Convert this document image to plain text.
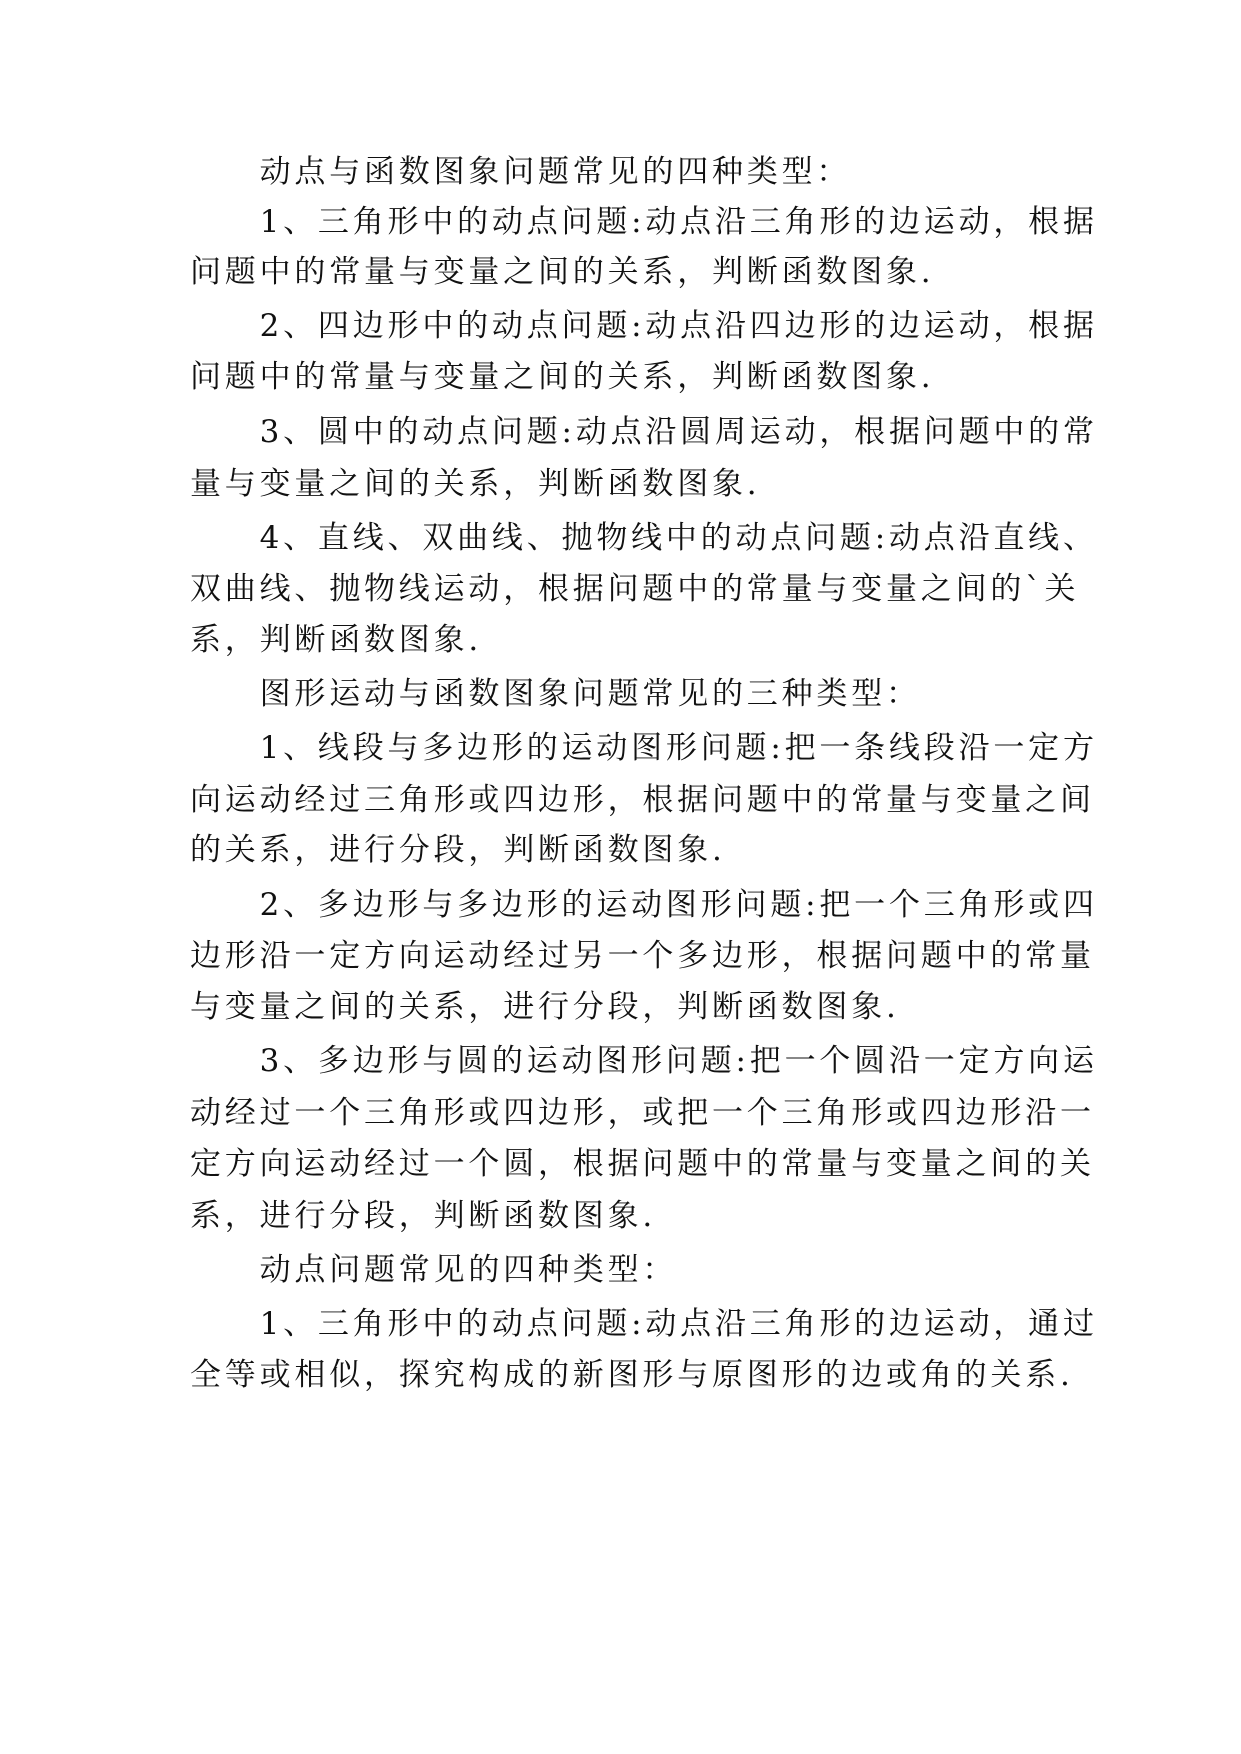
　　动点与函数图象问题常见的四种类型：
　　1、三角形中的动点问题:动点沿三角形的边运动，根据
问题中的常量与变量之间的关系，判断函数图象.
　　2、四边形中的动点问题:动点沿四边形的边运动，根据
问题中的常量与变量之间的关系，判断函数图象.
　　3、圆中的动点问题:动点沿圆周运动，根据问题中的常
量与变量之间的关系，判断函数图象.
　　4、直线、双曲线、抛物线中的动点问题:动点沿直线、
双曲线、抛物线运动，根据问题中的常量与变量之间的`关
系，判断函数图象.
　　图形运动与函数图象问题常见的三种类型：
　　1、线段与多边形的运动图形问题:把一条线段沿一定方
向运动经过三角形或四边形，根据问题中的常量与变量之间
的关系，进行分段，判断函数图象.
　　2、多边形与多边形的运动图形问题:把一个三角形或四
边形沿一定方向运动经过另一个多边形，根据问题中的常量
与变量之间的关系，进行分段，判断函数图象.
　　3、多边形与圆的运动图形问题:把一个圆沿一定方向运
动经过一个三角形或四边形，或把一个三角形或四边形沿一
定方向运动经过一个圆，根据问题中的常量与变量之间的关
系，进行分段，判断函数图象.
　　动点问题常见的四种类型：
　　1、三角形中的动点问题:动点沿三角形的边运动，通过
全等或相似，探究构成的新图形与原图形的边或角的关系.
